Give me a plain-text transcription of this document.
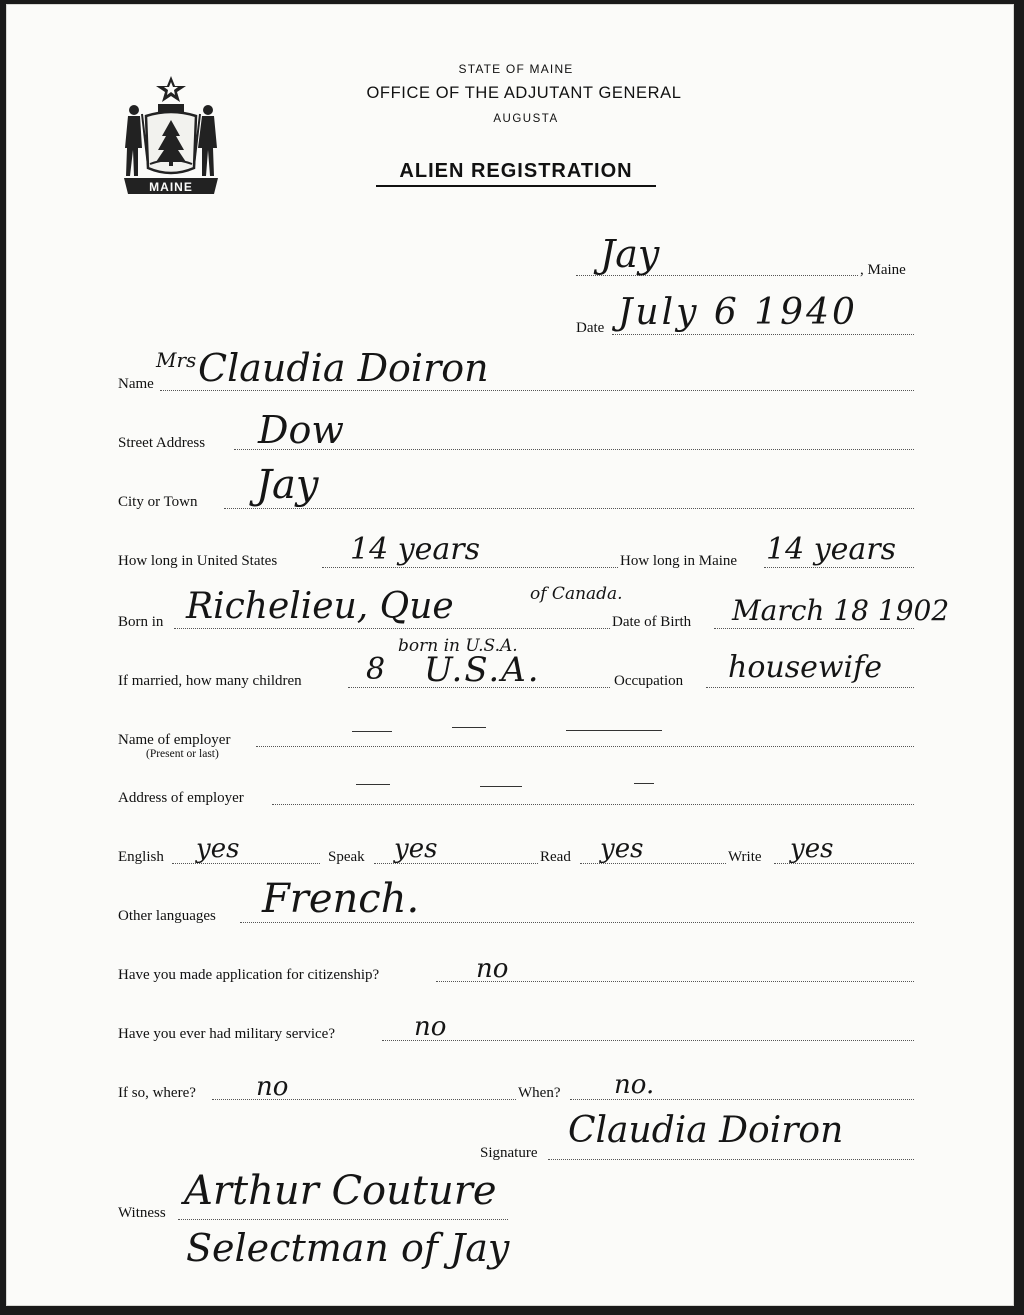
MAINE
STATE OF MAINE
OFFICE OF THE ADJUTANT GENERAL
AUGUSTA
ALIEN REGISTRATION
Jay	, Maine
Date July 6 1940
Name
Mrs Claudia Doiron
Street Address Dow
City or Town Jay
How long in United States 14 years	How long in Maine 14 years
of Canada.
Born in Richelieu, Que	Date of Birth March 18 1902
born in U.S.A.
If married, how many children 8 U.S.A.	Occupation housewife
Name of employer
(Present or last)
Address of employer
English yes	Speak yes	Read yes	Write yes
Other languages French.
Have you made application for citizenship?	no
Have you ever had military service?	no
If so, where? no	When? no.
Signature
Claudia Doiron
Witness Arthur Couture
Selectman of Jay
